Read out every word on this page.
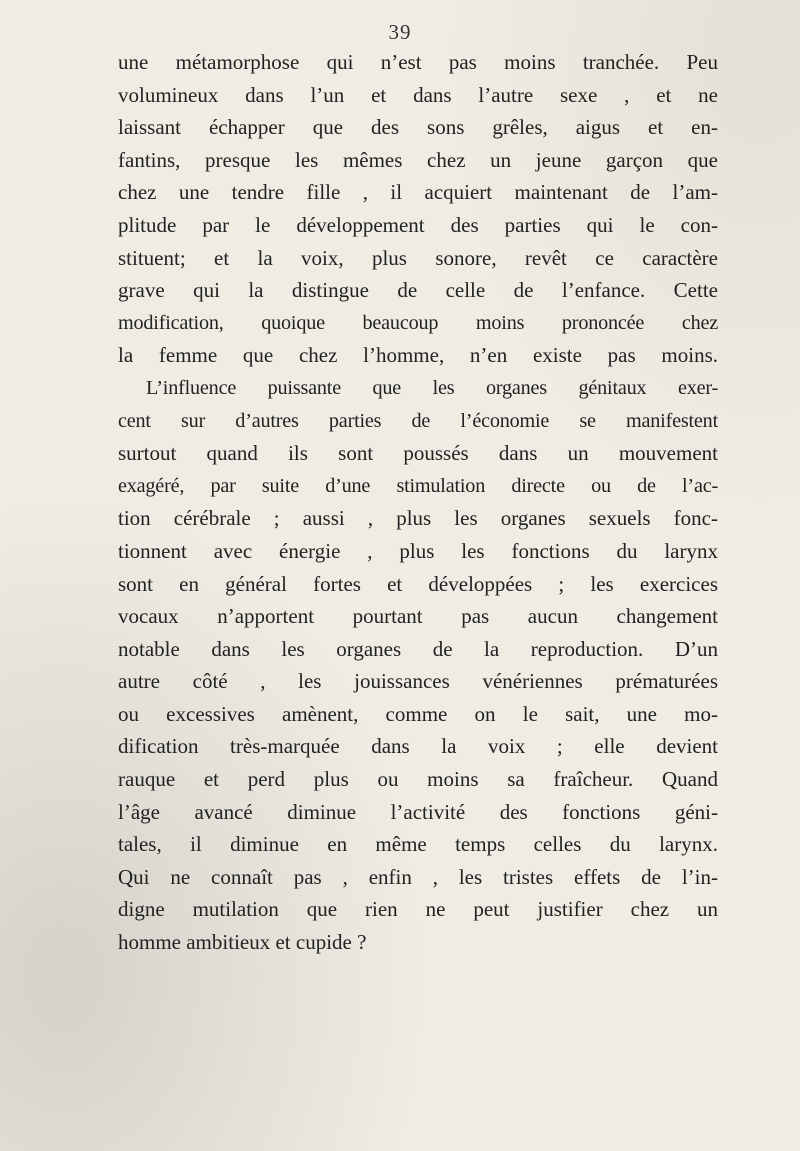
39
une métamorphose qui n’est pas moins tranchée. Peu
volumineux dans l’un et dans l’autre sexe , et ne
laissant échapper que des sons grêles, aigus et en-
fantins, presque les mêmes chez un jeune garçon que
chez une tendre fille , il acquiert maintenant de l’am-
plitude par le développement des parties qui le con-
stituent; et la voix, plus sonore, revêt ce caractère
grave qui la distingue de celle de l’enfance. Cette
modification, quoique beaucoup moins prononcée chez
la femme que chez l’homme, n’en existe pas moins.
L’influence puissante que les organes génitaux exer-
cent sur d’autres parties de l’économie se manifestent
surtout quand ils sont poussés dans un mouvement
exagéré, par suite d’une stimulation directe ou de l’ac-
tion cérébrale ; aussi , plus les organes sexuels fonc-
tionnent avec énergie , plus les fonctions du larynx
sont en général fortes et développées ; les exercices
vocaux n’apportent pourtant pas aucun changement
notable dans les organes de la reproduction. D’un
autre côté , les jouissances vénériennes prématurées
ou excessives amènent, comme on le sait, une mo-
dification très-marquée dans la voix ; elle devient
rauque et perd plus ou moins sa fraîcheur. Quand
l’âge avancé diminue l’activité des fonctions géni-
tales, il diminue en même temps celles du larynx.
Qui ne connaît pas , enfin , les tristes effets de l’in-
digne mutilation que rien ne peut justifier chez un
homme ambitieux et cupide ?
